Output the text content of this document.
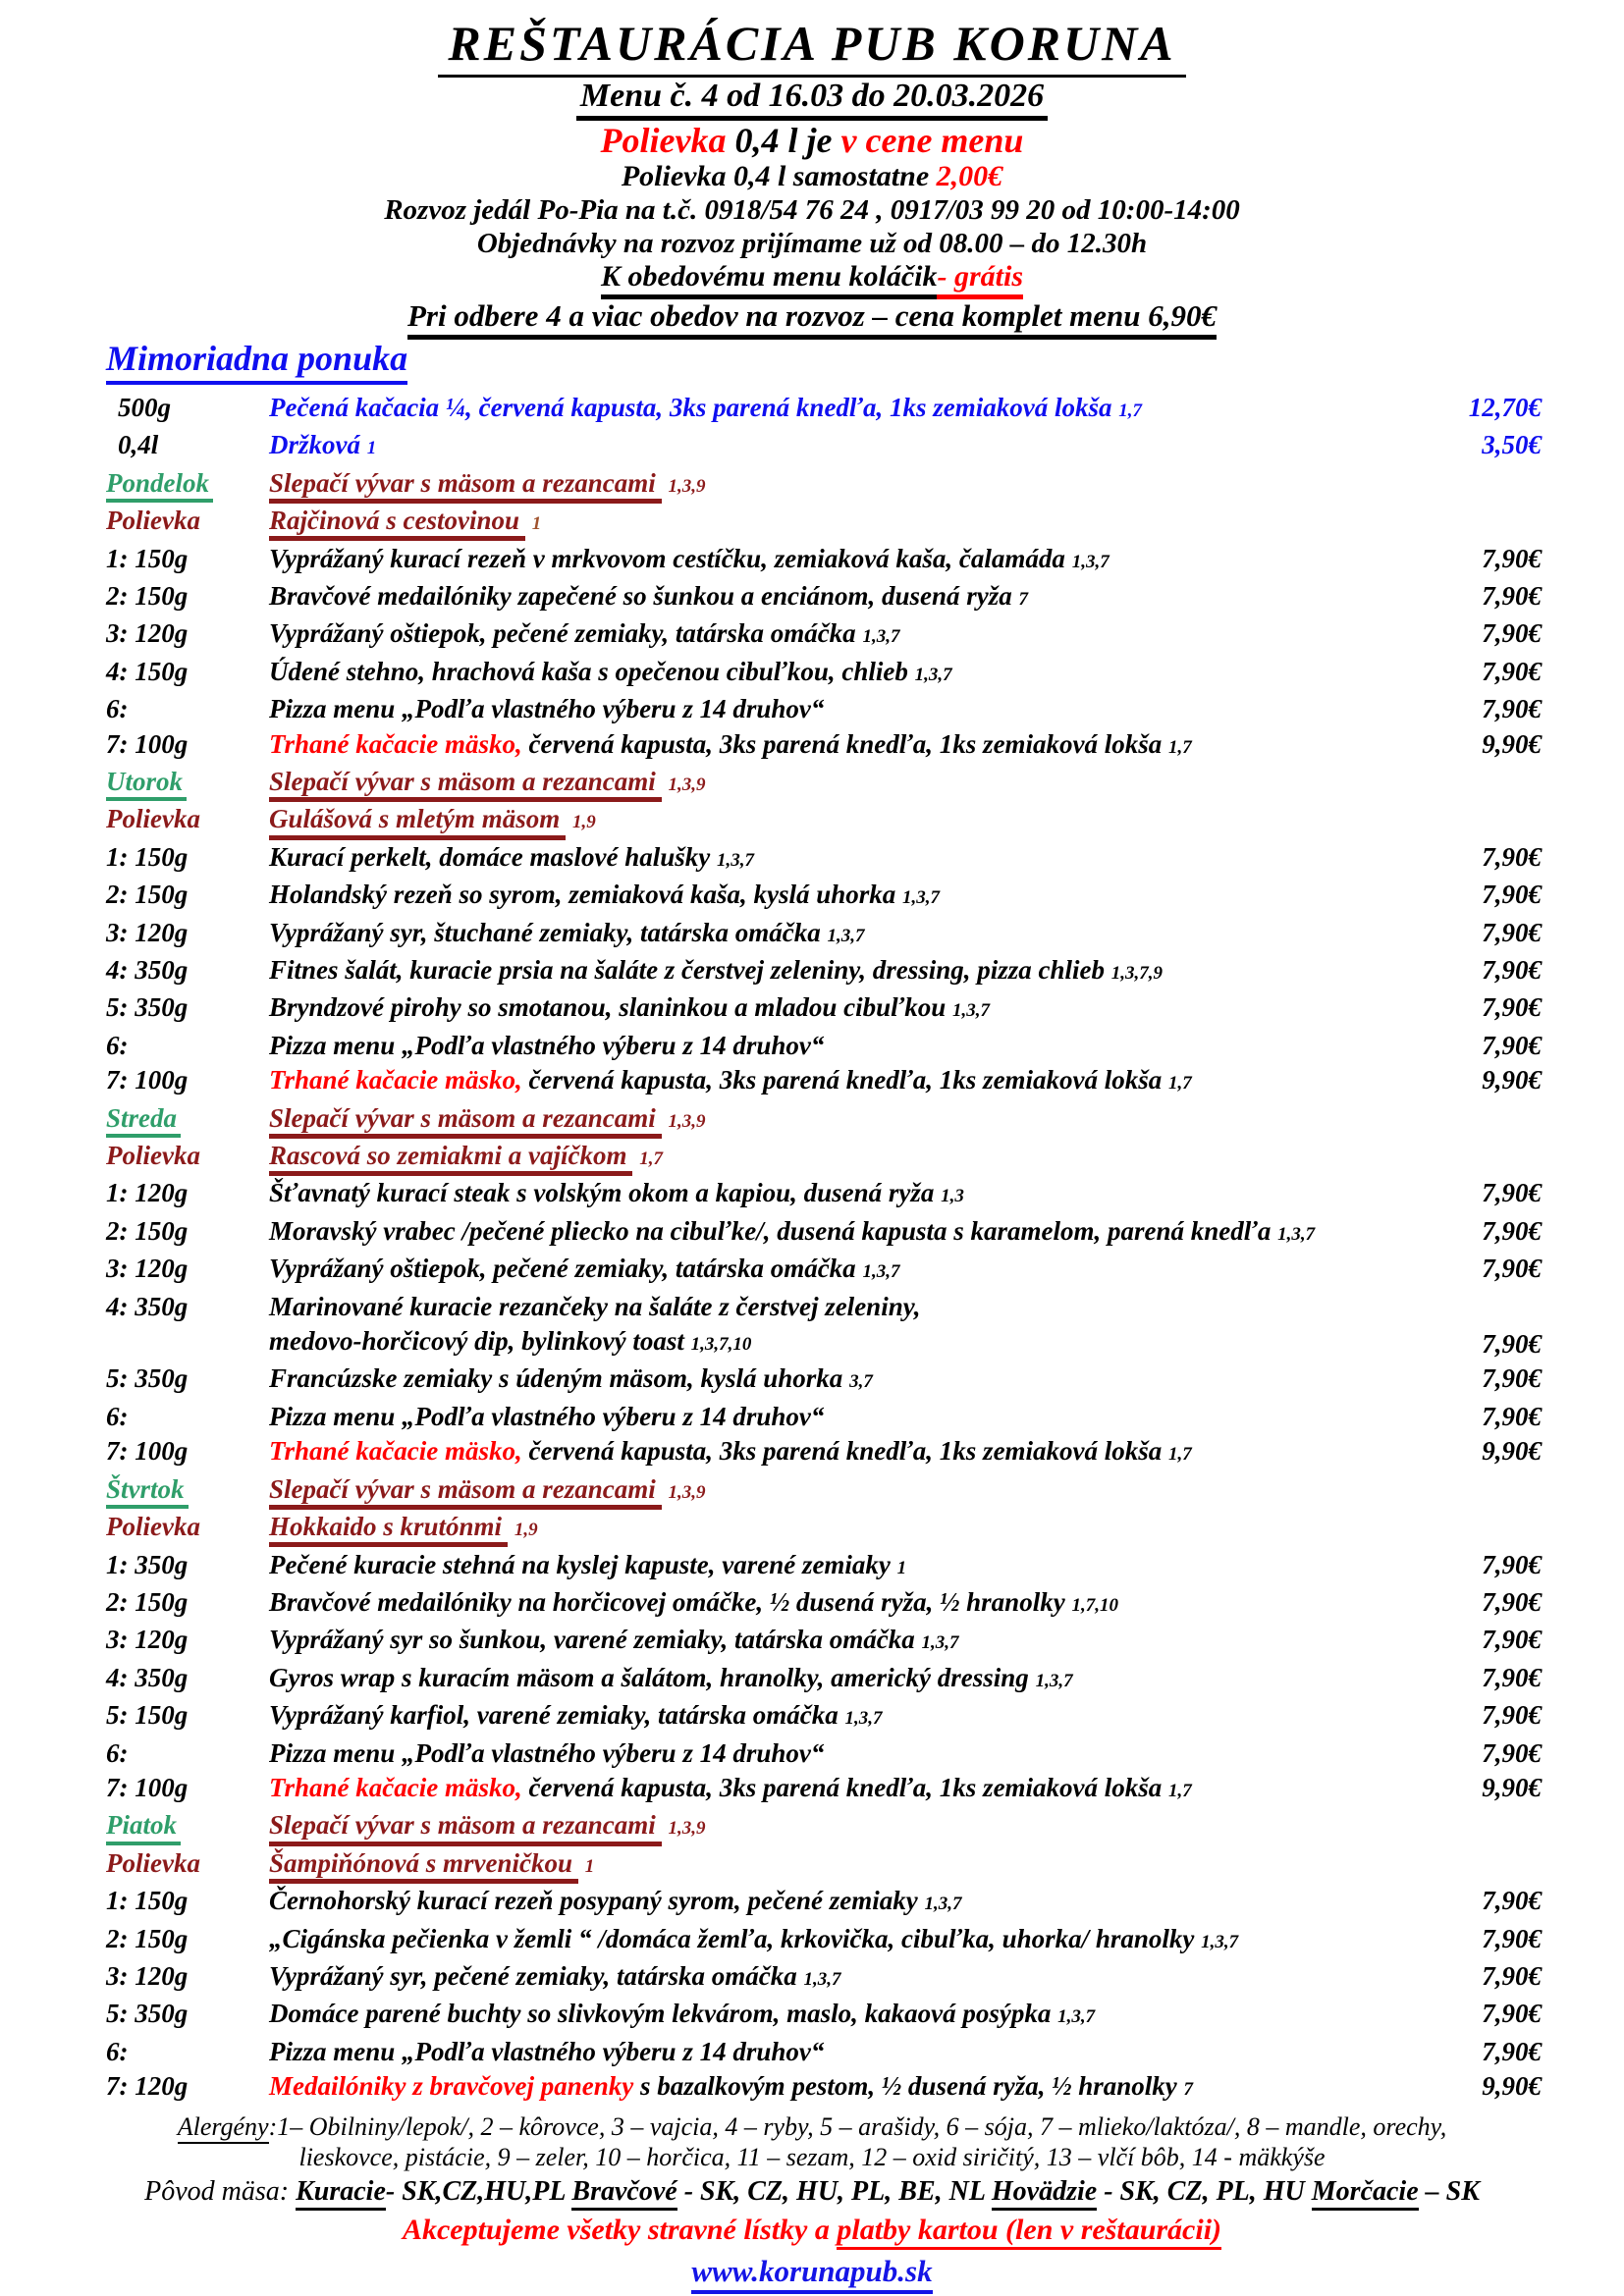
REŠTAURÁCIA PUB KORUNA
Menu č. 4 od 16.03 do 20.03.2026
Polievka 0,4 l je v cene menu
Polievka 0,4 l samostatne 2,00€
Rozvoz jedál Po-Pia na t.č. 0918/54 76 24 , 0917/03 99 20 od 10:00-14:00
Objednávky na rozvoz prijímame už od 08.00 – do 12.30h
K obedovému menu koláčik- grátis
Pri odbere 4 a viac obedov na rozvoz – cena komplet menu 6,90€
Mimoriadna ponuka
500g	Pečená kačacia ¼, červená kapusta, 3ks parená knedľa, 1ks zemiaková lokša 1,7	12,70€
0,4l	Držková 1	3,50€
Pondelok	Slepačí vývar s mäsom a rezancami 1,3,9
Polievka	Rajčinová s cestovinou 1
1: 150g	Vyprážaný kurací rezeň v mrkvovom cestíčku, zemiaková kaša, čalamáda 1,3,7	7,90€
2: 150g	Bravčové medailóniky zapečené so šunkou a enciánom, dusená ryža 7	7,90€
3: 120g	Vyprážaný oštiepok, pečené zemiaky, tatárska omáčka 1,3,7	7,90€
4: 150g	Údené stehno, hrachová kaša s opečenou cibuľkou, chlieb 1,3,7	7,90€
6:	Pizza menu „Podľa vlastného výberu z 14 druhov“	7,90€
7: 100g	Trhané kačacie mäsko, červená kapusta, 3ks parená knedľa, 1ks zemiaková lokša 1,7	9,90€
Utorok	Slepačí vývar s mäsom a rezancami 1,3,9
Polievka	Gulášová s mletým mäsom 1,9
1: 150g	Kurací perkelt, domáce maslové halušky 1,3,7	7,90€
2: 150g	Holandský rezeň so syrom, zemiaková kaša, kyslá uhorka 1,3,7	7,90€
3: 120g	Vyprážaný syr, štuchané zemiaky, tatárska omáčka 1,3,7	7,90€
4: 350g	Fitnes šalát, kuracie prsia na šaláte z čerstvej zeleniny, dressing, pizza chlieb 1,3,7,9	7,90€
5: 350g	Bryndzové pirohy so smotanou, slaninkou a mladou cibuľkou 1,3,7	7,90€
6:	Pizza menu „Podľa vlastného výberu z 14 druhov“	7,90€
7: 100g	Trhané kačacie mäsko, červená kapusta, 3ks parená knedľa, 1ks zemiaková lokša 1,7	9,90€
Streda	Slepačí vývar s mäsom a rezancami 1,3,9
Polievka	Rascová so zemiakmi a vajíčkom 1,7
1: 120g	Šťavnatý kurací steak s volským okom a kapiou, dusená ryža 1,3	7,90€
2: 150g	Moravský vrabec /pečené pliecko na cibuľke/, dusená kapusta s karamelom, parená knedľa 1,3,7	7,90€
3: 120g	Vyprážaný oštiepok, pečené zemiaky, tatárska omáčka 1,3,7	7,90€
4: 350g	Marinované kuracie rezančeky na šaláte z čerstvej zeleniny,
medovo-horčicový dip, bylinkový toast 1,3,7,10	7,90€
5: 350g	Francúzske zemiaky s údeným mäsom, kyslá uhorka 3,7	7,90€
6:	Pizza menu „Podľa vlastného výberu z 14 druhov“	7,90€
7: 100g	Trhané kačacie mäsko, červená kapusta, 3ks parená knedľa, 1ks zemiaková lokša 1,7	9,90€
Štvrtok	Slepačí vývar s mäsom a rezancami 1,3,9
Polievka	Hokkaido s krutónmi 1,9
1: 350g	Pečené kuracie stehná na kyslej kapuste, varené zemiaky 1	7,90€
2: 150g	Bravčové medailóniky na horčicovej omáčke, ½ dusená ryža, ½ hranolky 1,7,10	7,90€
3: 120g	Vyprážaný syr so šunkou, varené zemiaky, tatárska omáčka 1,3,7	7,90€
4: 350g	Gyros wrap s kuracím mäsom a šalátom, hranolky, americký dressing 1,3,7	7,90€
5: 150g	Vyprážaný karfiol, varené zemiaky, tatárska omáčka 1,3,7	7,90€
6:	Pizza menu „Podľa vlastného výberu z 14 druhov“	7,90€
7: 100g	Trhané kačacie mäsko, červená kapusta, 3ks parená knedľa, 1ks zemiaková lokša 1,7	9,90€
Piatok	Slepačí vývar s mäsom a rezancami 1,3,9
Polievka	Šampiňónová s mrveničkou 1
1: 150g	Černohorský kurací rezeň posypaný syrom, pečené zemiaky 1,3,7	7,90€
2: 150g	„Cigánska pečienka v žemli “ /domáca žemľa, krkovička, cibuľka, uhorka/ hranolky 1,3,7	7,90€
3: 120g	Vyprážaný syr, pečené zemiaky, tatárska omáčka 1,3,7	7,90€
5: 350g	Domáce parené buchty so slivkovým lekvárom, maslo, kakaová posýpka 1,3,7	7,90€
6:	Pizza menu „Podľa vlastného výberu z 14 druhov“	7,90€
7: 120g	Medailóniky z bravčovej panenky s bazalkovým pestom, ½ dusená ryža, ½ hranolky 7	9,90€
Alergény:1– Obilniny/lepok/, 2 – kôrovce, 3 – vajcia, 4 – ryby, 5 – arašidy, 6 – sója, 7 – mlieko/laktóza/, 8 – mandle, orechy,
lieskovce, pistácie, 9 – zeler, 10 – horčica, 11 – sezam, 12 – oxid siričitý, 13 – vlčí bôb, 14 - mäkkýše
Pôvod mäsa: Kuracie- SK,CZ,HU,PL Bravčové - SK, CZ, HU, PL, BE, NL Hovädzie - SK, CZ, PL, HU Morčacie – SK
Akceptujeme všetky stravné lístky a platby kartou (len v reštaurácii)
www.korunapub.sk
